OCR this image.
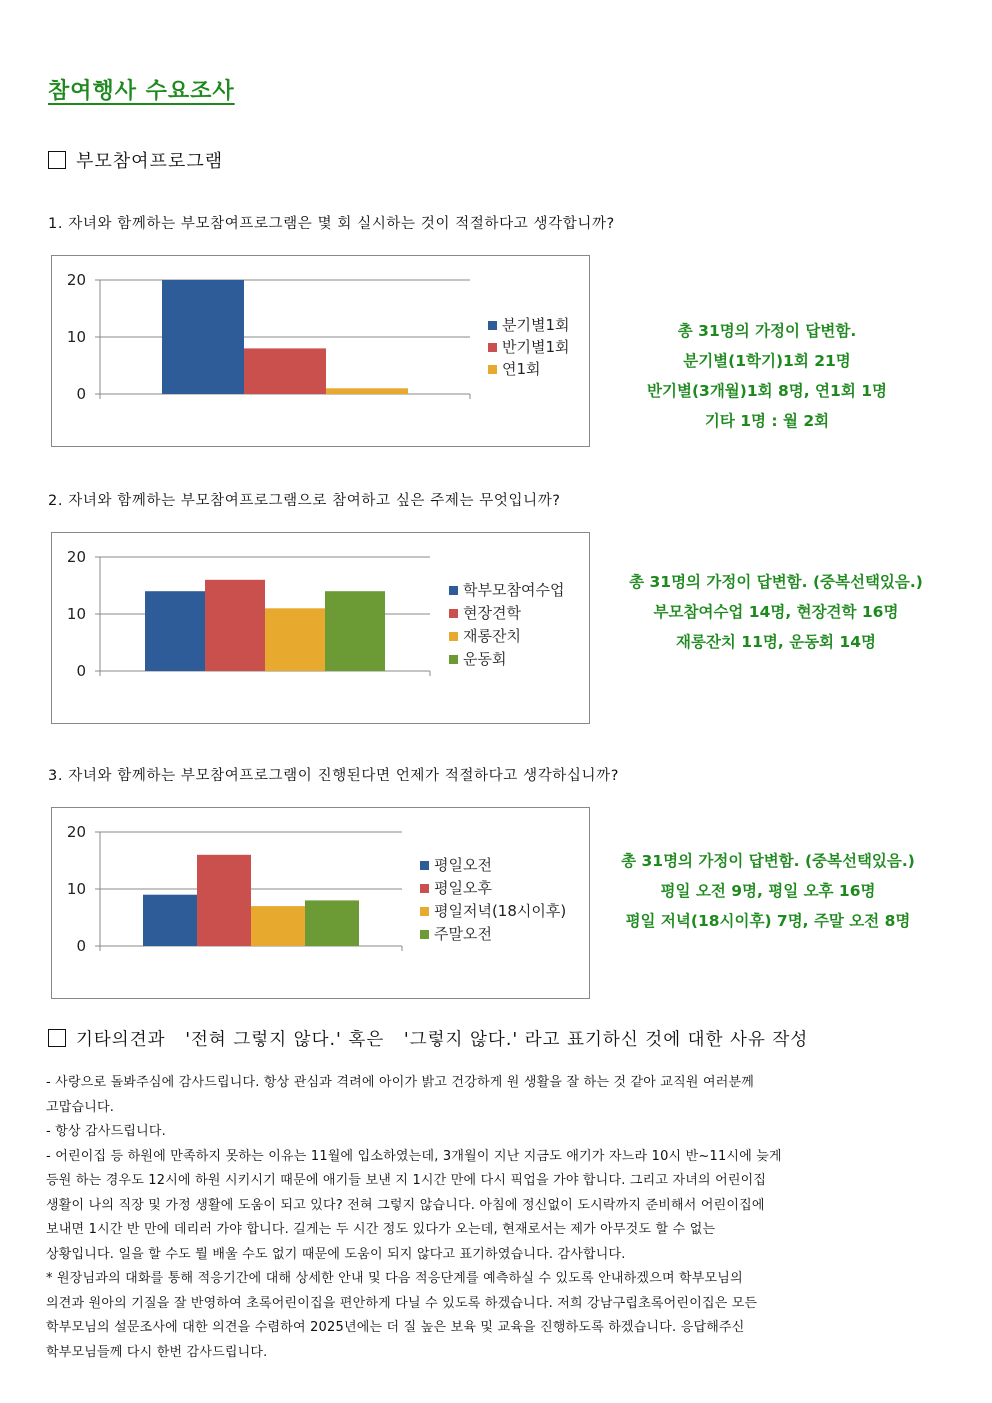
참여행사 수요조사
부모참여프로그램
1. 자녀와 함께하는 부모참여프로그램은 몇 회 실시하는 것이 적절하다고 생각합니까?
0
10
20
분기별1회
반기별1회
연1회
총 31명의 가정이 답변함.
분기별(1학기)1회 21명
반기별(3개월)1회 8명, 연1회 1명
기타 1명 : 월 2회
2. 자녀와 함께하는 부모참여프로그램으로 참여하고 싶은 주제는 무엇입니까?
0
10
20
학부모참여수업
현장견학
재롱잔치
운동회
총 31명의 가정이 답변함. (중복선택있음.)
부모참여수업 14명, 현장견학 16명
재롱잔치 11명, 운동회 14명
3. 자녀와 함께하는 부모참여프로그램이 진행된다면 언제가 적절하다고 생각하십니까?
0
10
20
평일오전
평일오후
평일저녁(18시이후)
주말오전
총 31명의 가정이 답변함. (중복선택있음.)
평일 오전 9명, 평일 오후 16명
평일 저녁(18시이후) 7명, 주말 오전 8명
기타의견과   '전혀 그렇지 않다.' 혹은   '그렇지 않다.' 라고 표기하신 것에 대한 사유 작성

- 사랑으로 돌봐주심에 감사드립니다. 항상 관심과 격려에 아이가 밝고 건강하게 원 생활을 잘 하는 것 같아 교직원 여러분께

고맙습니다.

- 항상 감사드립니다.

- 어린이집 등 하원에 만족하지 못하는 이유는 11월에 입소하였는데, 3개월이 지난 지금도 애기가 자느라 10시 반~11시에 늦게

등원 하는 경우도 12시에 하원 시키시기 때문에 애기들 보낸 지 1시간 만에 다시 픽업을 가야 합니다. 그리고 자녀의 어린이집

생활이 나의 직장 및 가정 생활에 도움이 되고 있다? 전혀 그렇지 않습니다. 아침에 정신없이 도시락까지 준비해서 어린이집에

보내면 1시간 반 만에 데리러 가야 합니다. 길게는 두 시간 정도 있다가 오는데, 현재로서는 제가 아무것도 할 수 없는

상황입니다. 일을 할 수도 뭘 배울 수도 없기 때문에 도움이 되지 않다고 표기하였습니다. 감사합니다.

* 원장님과의 대화를 통해 적응기간에 대해 상세한 안내 및 다음 적응단계를 예측하실 수 있도록 안내하겠으며 학부모님의

의견과 원아의 기질을 잘 반영하여 초록어린이집을 편안하게 다닐 수 있도록 하겠습니다. 저희 강남구립초록어린이집은 모든

학부모님의 설문조사에 대한 의견을 수렴하여 2025년에는 더 질 높은 보육 및 교육을 진행하도록 하겠습니다. 응답해주신

학부모님들께 다시 한번 감사드립니다.
